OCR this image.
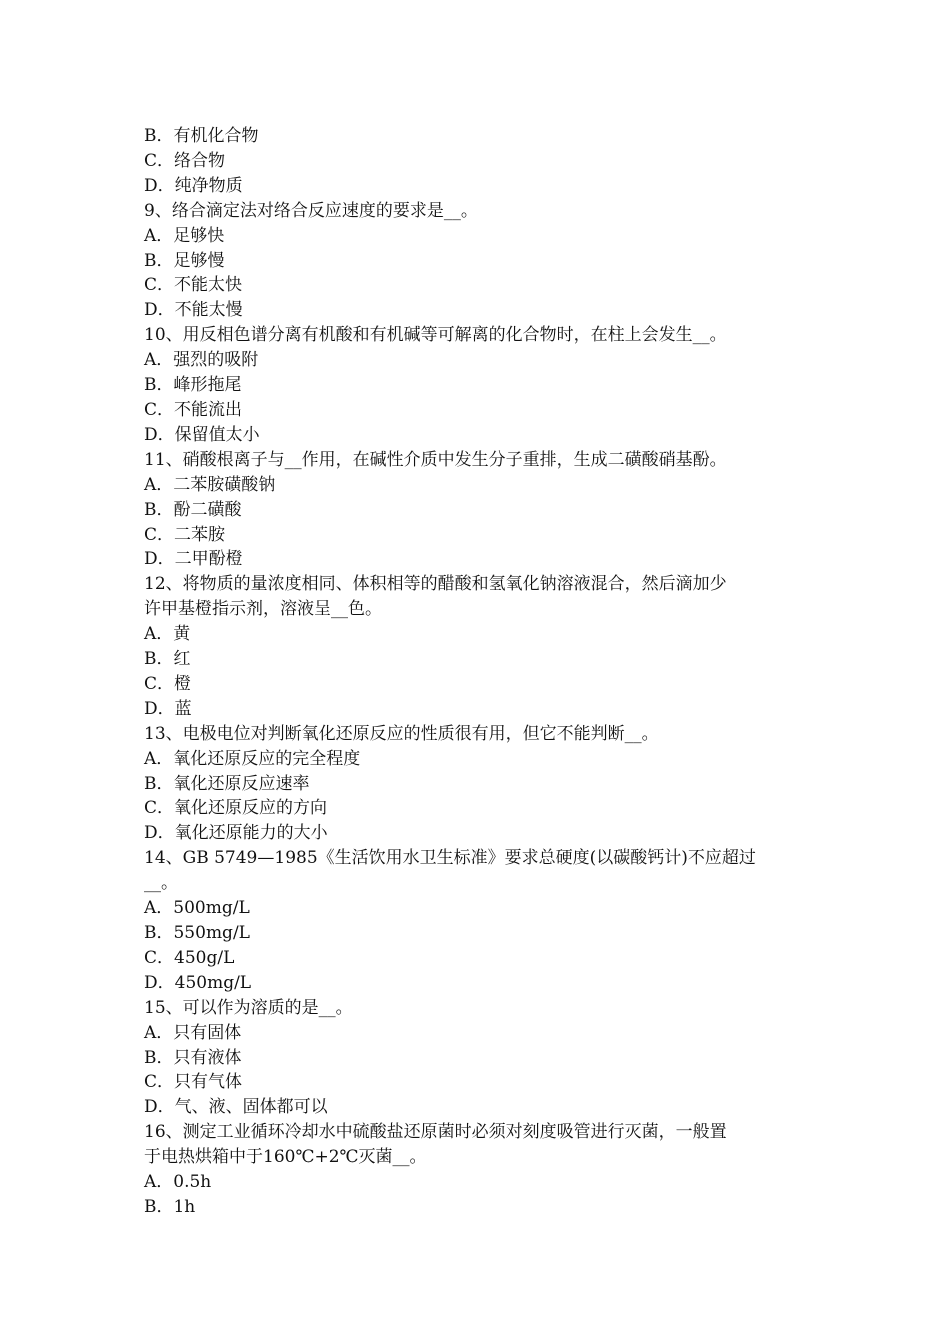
B．有机化合物
C．络合物
D．纯净物质
9、络合滴定法对络合反应速度的要求是__。
A．足够快
B．足够慢
C．不能太快
D．不能太慢
10、用反相色谱分离有机酸和有机碱等可解离的化合物时，在柱上会发生__。
A．强烈的吸附
B．峰形拖尾
C．不能流出
D．保留值太小
11、硝酸根离子与__作用，在碱性介质中发生分子重排，生成二磺酸硝基酚。
A．二苯胺磺酸钠
B．酚二磺酸
C．二苯胺
D．二甲酚橙
12、将物质的量浓度相同、体积相等的醋酸和氢氧化钠溶液混合，然后滴加少
许甲基橙指示剂，溶液呈__色。
A．黄
B．红
C．橙
D．蓝
13、电极电位对判断氧化还原反应的性质很有用，但它不能判断__。
A．氧化还原反应的完全程度
B．氧化还原反应速率
C．氧化还原反应的方向
D．氧化还原能力的大小
14、GB 5749—1985《生活饮用水卫生标准》要求总硬度(以碳酸钙计)不应超过
__。
A．500mg/L
B．550mg/L
C．450g/L
D．450mg/L
15、可以作为溶质的是__。
A．只有固体
B．只有液体
C．只有气体
D．气、液、固体都可以
16、测定工业循环冷却水中硫酸盐还原菌时必须对刻度吸管进行灭菌，一般置
于电热烘箱中于160℃+2℃灭菌__。
A．0.5h
B．1h
